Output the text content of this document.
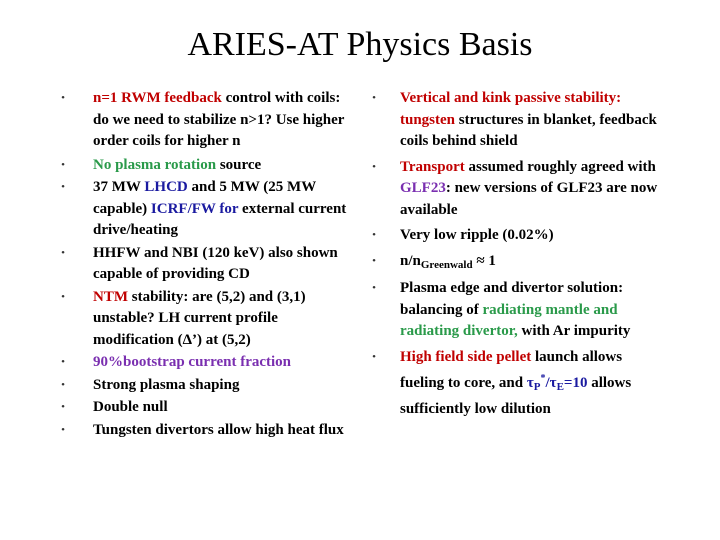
ARIES-AT Physics Basis
•	n=1 RWM feedback control with coils: do we need to stabilize n>1? Use higher order coils for higher n
•	No plasma rotation source
•	37 MW LHCD and 5 MW (25 MW capable) ICRF/FW for external current drive/heating
•	HHFW and NBI (120 keV) also shown capable of providing CD
•	NTM stability: are (5,2) and (3,1) unstable? LH current profile modification (Δ’) at (5,2)
•	90%bootstrap current fraction
•	Strong plasma shaping
•	Double null
•	Tungsten divertors allow high heat flux
•	Vertical and kink passive stability: tungsten structures in blanket, feedback coils behind shield
•	Transport assumed roughly agreed with GLF23: new versions of GLF23 are now available
•	Very low ripple (0.02%)
•	$n/n_{Greenwald} \approx 1$
•	Plasma edge and divertor solution: balancing of radiating mantle and radiating divertor, with Ar impurity
•	High field side pellet launch allows fueling to core, and $\tau_P^*/\tau_E=10$ allows sufficiently low dilution
